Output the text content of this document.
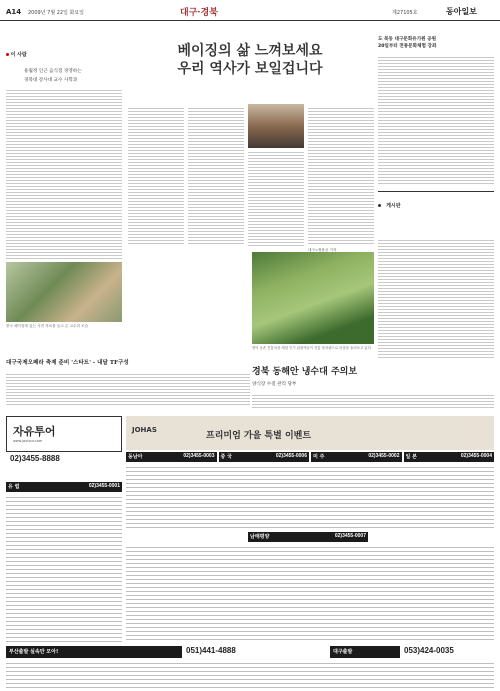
A14 2009년 7월 22일 화요일	대구·경북	제27105호	동아일보
이 사람
용월정 인근 음식점 경영하는
경북대 강사대 교수 사학과
중국 베이징에 있는 사진 자료를 들고 온 교수의 모습
베이징의 삶 느껴보세요
우리 역사가 보일겁니다
대구=정용균 기자
도 북동 대구문화유가원 공원
20일부터 전통문화체험 강좌
게시판
영덕 농촌 전통마을 체험 인기 관광객들이 전통 옷차림으로 마을을 둘러보고 있다
경북 동해안 냉수대 주의보
양식장 수질 관리 당부
대구국제오페라 축제 준비 '스타트' - 내달 TF구성
자유투어
www.jautour.com
02)3455-8888
JOHAS
프리미엄 가을 특별 이벤트
동남아	02)3455-0003 중 국	02)3455-0006 미 주	02)3455-0002 일 본	02)3455-0004
유 럽	02)3455-0001
남태평양	02)3455-0007
부산출발 실속만 모아!	051)441-4888	대구출발	053)424-0035
